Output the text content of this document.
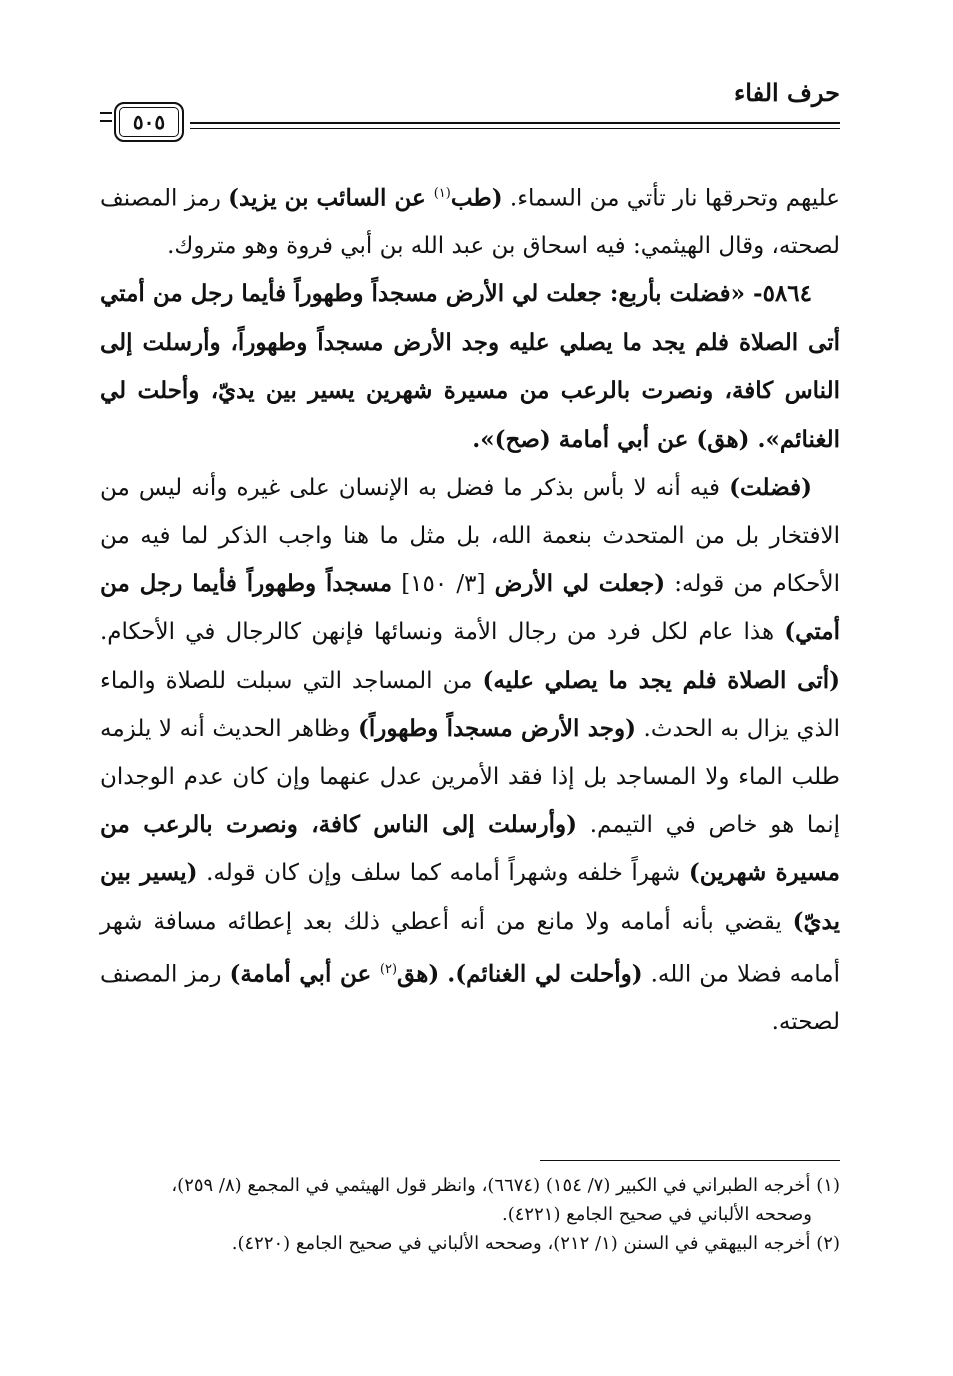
حرف الفاء
٥٠٥

عليهم وتحرقها نار تأتي من السماء. (طب$^{(١)}$ عن السائب بن يزيد) رمز المصنف لصحته، وقال الهيثمي: فيه اسحاق بن عبد الله بن أبي فروة وهو متروك.

٥٨٦٤- «فضلت بأربع: جعلت لي الأرض مسجداً وطهوراً فأيما رجل من أمتي أتى الصلاة فلم يجد ما يصلي عليه وجد الأرض مسجداً وطهوراً، وأرسلت إلى الناس كافة، ونصرت بالرعب من مسيرة شهرين يسير بين يديّ، وأحلت لي الغنائم». (هق) عن أبي أمامة (صح)».

(فضلت) فيه أنه لا بأس بذكر ما فضل به الإنسان على غيره وأنه ليس من الافتخار بل من المتحدث بنعمة الله، بل مثل ما هنا واجب الذكر لما فيه من الأحكام من قوله: (جعلت لي الأرض [٣/ ١٥٠] مسجداً وطهوراً فأيما رجل من أمتي) هذا عام لكل فرد من رجال الأمة ونسائها فإنهن كالرجال في الأحكام. (أتى الصلاة فلم يجد ما يصلي عليه) من المساجد التي سبلت للصلاة والماء الذي يزال به الحدث. (وجد الأرض مسجداً وطهوراً) وظاهر الحديث أنه لا يلزمه طلب الماء ولا المساجد بل إذا فقد الأمرين عدل عنهما وإن كان عدم الوجدان إنما هو خاص في التيمم. (وأرسلت إلى الناس كافة، ونصرت بالرعب من مسيرة شهرين) شهراً خلفه وشهراً أمامه كما سلف وإن كان قوله. (يسير بين يديّ) يقضي بأنه أمامه ولا مانع من أنه أعطي ذلك بعد إعطائه مسافة شهر أمامه فضلا من الله. (وأحلت لي الغنائم). (هق$^{(٢)}$ عن أبي أمامة) رمز المصنف لصحته.

(١) أخرجه الطبراني في الكبير (٧/ ١٥٤) (٦٦٧٤)، وانظر قول الهيثمي في المجمع (٨/ ٢٥٩)،
وصححه الألباني في صحيح الجامع (٤٢٢١).

(٢) أخرجه البيهقي في السنن (١/ ٢١٢)، وصححه الألباني في صحيح الجامع (٤٢٢٠).
